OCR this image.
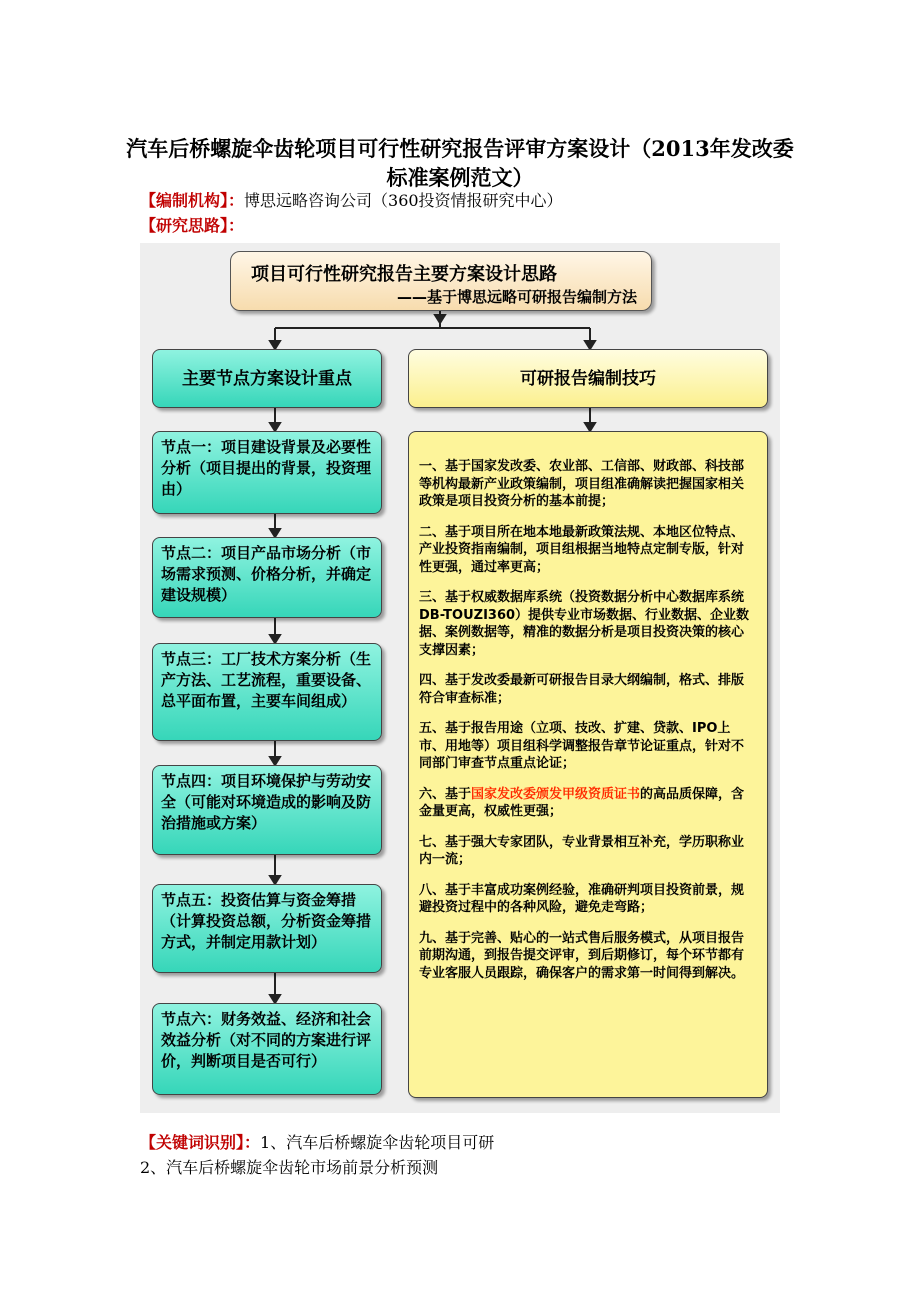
汽车后桥螺旋伞齿轮项目可行性研究报告评审方案设计（2013年发改委标准案例范文）
【编制机构】：博思远略咨询公司（360投资情报研究中心）
【研究思路】：
项目可行性研究报告主要方案设计思路
——基于博思远略可研报告编制方法
主要节点方案设计重点	可研报告编制技巧
节点一：项目建设背景及必要性分析（项目提出的背景，投资理由）
节点二：项目产品市场分析（市场需求预测、价格分析，并确定建设规模）
节点三：工厂技术方案分析（生产方法、工艺流程，重要设备、总平面布置，主要车间组成）
节点四：项目环境保护与劳动安全（可能对环境造成的影响及防治措施或方案）
节点五：投资估算与资金筹措（计算投资总额，分析资金筹措方式，并制定用款计划）
节点六：财务效益、经济和社会效益分析（对不同的方案进行评价，判断项目是否可行）

一、基于国家发改委、农业部、工信部、财政部、科技部等机构最新产业政策编制，项目组准确解读把握国家相关政策是项目投资分析的基本前提；

二、基于项目所在地本地最新政策法规、本地区位特点、产业投资指南编制，项目组根据当地特点定制专版，针对性更强，通过率更高；

三、基于权威数据库系统（投资数据分析中心数据库系统DB-TOUZI360）提供专业市场数据、行业数据、企业数据、案例数据等，精准的数据分析是项目投资决策的核心支撑因素；

四、基于发改委最新可研报告目录大纲编制，格式、排版符合审查标准；

五、基于报告用途（立项、技改、扩建、贷款、IPO上市、用地等）项目组科学调整报告章节论证重点，针对不同部门审查节点重点论证；

六、基于国家发改委颁发甲级资质证书的高品质保障，含金量更高，权威性更强；

七、基于强大专家团队，专业背景相互补充，学历职称业内一流；

八、基于丰富成功案例经验，准确研判项目投资前景，规避投资过程中的各种风险，避免走弯路；

九、基于完善、贴心的一站式售后服务模式，从项目报告前期沟通，到报告提交评审，到后期修订，每个环节都有专业客服人员跟踪，确保客户的需求第一时间得到解决。

【关键词识别】：1、汽车后桥螺旋伞齿轮项目可研
2、汽车后桥螺旋伞齿轮市场前景分析预测
